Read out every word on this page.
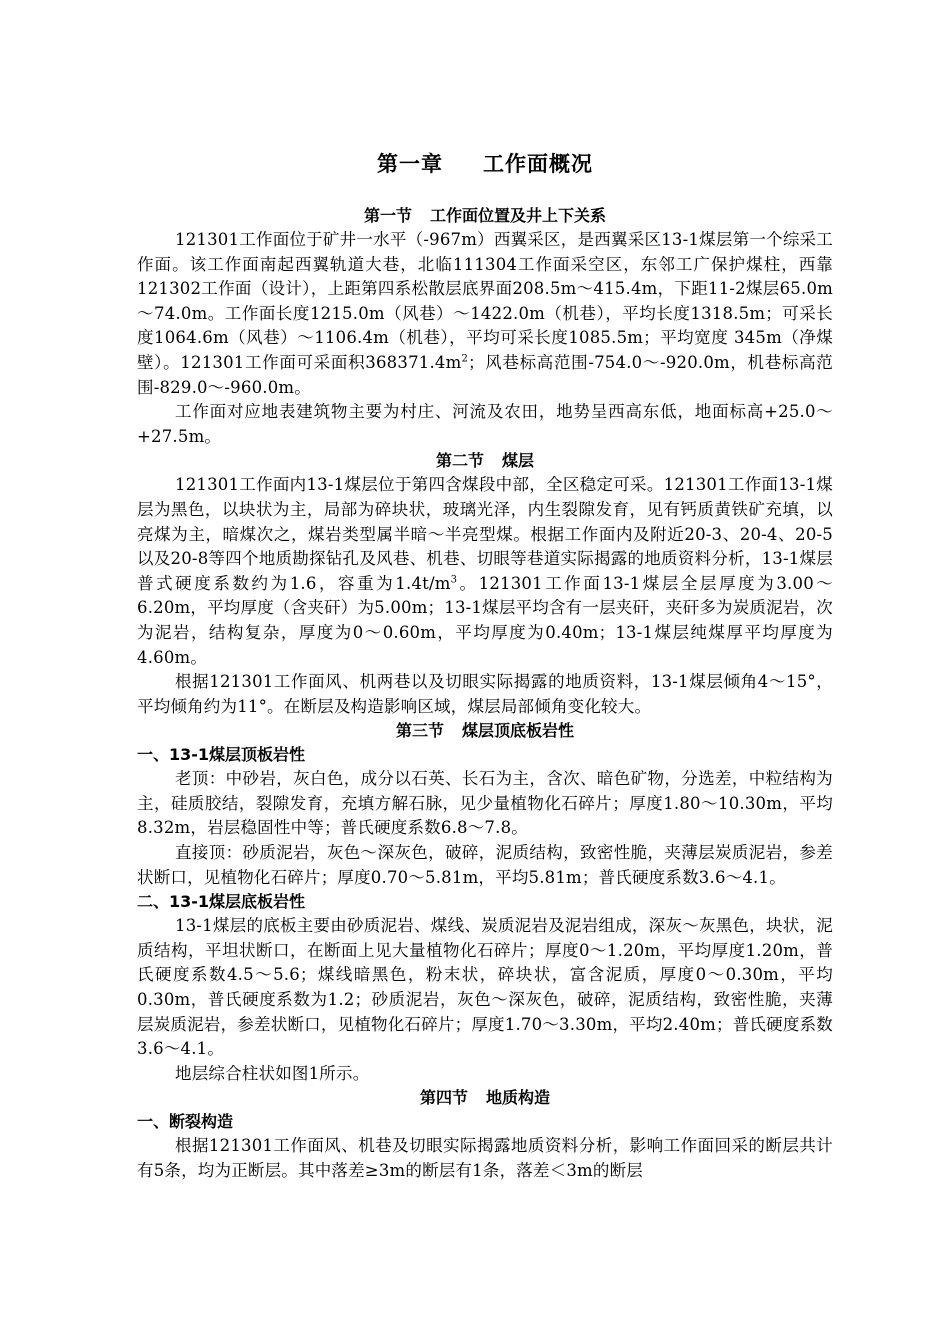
第一章 工作面概况
第一节 工作面位置及井上下关系

121301工作面位于矿井一水平（-967m）西翼采区，是西翼采区13-1煤层第一个综采工作面。该工作面南起西翼轨道大巷，北临111304工作面采空区，东邻工广保护煤柱，西靠121302工作面（设计），上距第四系松散层底界面208.5m～415.4m，下距11-2煤层65.0m～74.0m。工作面长度1215.0m（风巷）～1422.0m（机巷），平均长度1318.5m；可采长度1064.6m（风巷）～1106.4m（机巷），平均可采长度1085.5m；平均宽度 345m（净煤壁）。121301工作面可采面积$368371.4m^2$；风巷标高范围-754.0～-920.0m，机巷标高范围-829.0～-960.0m。

工作面对应地表建筑物主要为村庄、河流及农田，地势呈西高东低，地面标高+25.0～+27.5m。

第二节 煤层

121301工作面内13-1煤层位于第四含煤段中部，全区稳定可采。121301工作面13-1煤层为黑色，以块状为主，局部为碎块状，玻璃光泽，内生裂隙发育，见有钙质黄铁矿充填，以亮煤为主，暗煤次之，煤岩类型属半暗～半亮型煤。根据工作面内及附近20-3、20-4、20-5以及20-8等四个地质勘探钻孔及风巷、机巷、切眼等巷道实际揭露的地质资料分析，13-1煤层普式硬度系数约为1.6，容重为$1.4t/m^3$。121301工作面13-1煤层全层厚度为3.00～6.20m，平均厚度（含夹矸）为5.00m；13-1煤层平均含有一层夹矸，夹矸多为炭质泥岩，次为泥岩，结构复杂，厚度为0～0.60m，平均厚度为0.40m；13-1煤层纯煤厚平均厚度为4.60m。

根据121301工作面风、机两巷以及切眼实际揭露的地质资料，13-1煤层倾角4～15°，平均倾角约为11°。在断层及构造影响区域，煤层局部倾角变化较大。

第三节 煤层顶底板岩性
一、13-1煤层顶板岩性

老顶：中砂岩，灰白色，成分以石英、长石为主，含次、暗色矿物，分选差，中粒结构为主，硅质胶结，裂隙发育，充填方解石脉，见少量植物化石碎片；厚度1.80～10.30m，平均8.32m，岩层稳固性中等；普氏硬度系数6.8～7.8。

直接顶：砂质泥岩，灰色～深灰色，破碎，泥质结构，致密性脆，夹薄层炭质泥岩，参差状断口，见植物化石碎片；厚度0.70～5.81m，平均5.81m；普氏硬度系数3.6～4.1。

二、13-1煤层底板岩性

13-1煤层的底板主要由砂质泥岩、煤线、炭质泥岩及泥岩组成，深灰～灰黑色，块状，泥质结构，平坦状断口，在断面上见大量植物化石碎片；厚度0～1.20m，平均厚度1.20m，普氏硬度系数4.5～5.6；煤线暗黑色，粉末状，碎块状，富含泥质，厚度0～0.30m，平均0.30m，普氏硬度系数为1.2；砂质泥岩，灰色～深灰色，破碎，泥质结构，致密性脆，夹薄层炭质泥岩，参差状断口，见植物化石碎片；厚度1.70～3.30m，平均2.40m；普氏硬度系数3.6～4.1。

地层综合柱状如图1所示。

第四节 地质构造
一、断裂构造

根据121301工作面风、机巷及切眼实际揭露地质资料分析，影响工作面回采的断层共计有5条，均为正断层。其中落差≥3m的断层有1条，落差＜3m的断层
